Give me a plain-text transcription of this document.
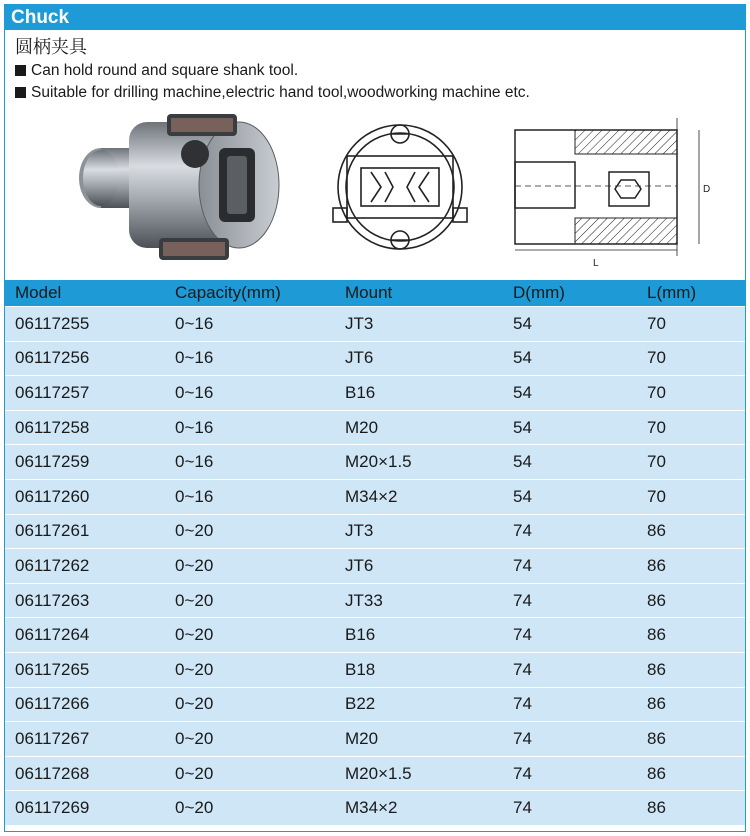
Chuck
圆柄夹具
Can hold round and square shank tool.
Suitable for drilling machine,electric hand tool,woodworking machine etc.
D
L
Model	Capacity(mm)	Mount	D(mm)	L(mm)
06117255	0~16	JT3	54	70
06117256	0~16	JT6	54	70
06117257	0~16	B16	54	70
06117258	0~16	M20	54	70
06117259	0~16	M20×1.5	54	70
06117260	0~16	M34×2	54	70
06117261	0~20	JT3	74	86
06117262	0~20	JT6	74	86
06117263	0~20	JT33	74	86
06117264	0~20	B16	74	86
06117265	0~20	B18	74	86
06117266	0~20	B22	74	86
06117267	0~20	M20	74	86
06117268	0~20	M20×1.5	74	86
06117269	0~20	M34×2	74	86
